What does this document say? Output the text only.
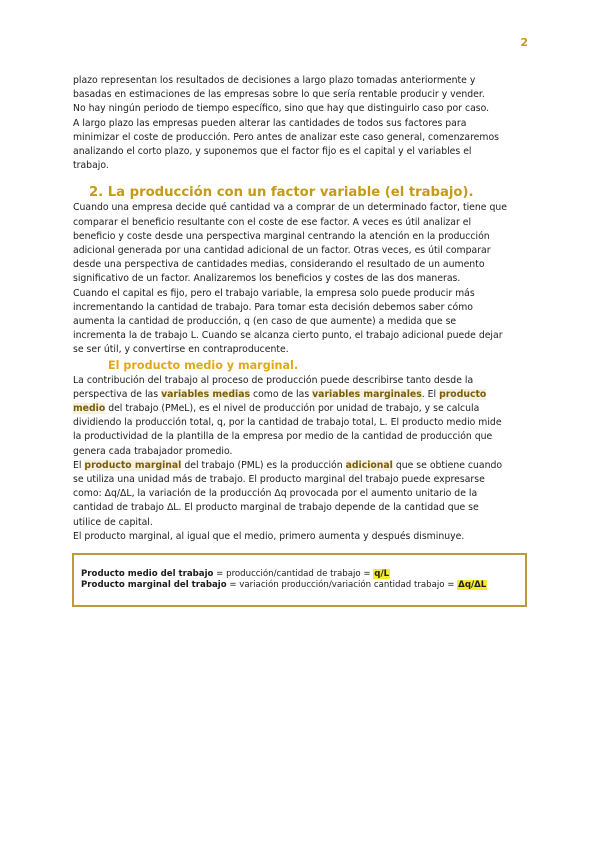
2

plazo representan los resultados de decisiones a largo plazo tomadas anteriormente y
basadas en estimaciones de las empresas sobre lo que sería rentable producir y vender.
No hay ningún periodo de tiempo específico, sino que hay que distinguirlo caso por caso.
A largo plazo las empresas pueden alterar las cantidades de todos sus factores para
minimizar el coste de producción. Pero antes de analizar este caso general, comenzaremos
analizando el corto plazo, y suponemos que el factor fijo es el capital y el variables el
trabajo.

2. La producción con un factor variable (el trabajo).

Cuando una empresa decide qué cantidad va a comprar de un determinado factor, tiene que
comparar el beneficio resultante con el coste de ese factor. A veces es útil analizar el
beneficio y coste desde una perspectiva marginal centrando la atención en la producción
adicional generada por una cantidad adicional de un factor. Otras veces, es útil comparar
desde una perspectiva de cantidades medias, considerando el resultado de un aumento
significativo de un factor. Analizaremos los beneficios y costes de las dos maneras.

Cuando el capital es fijo, pero el trabajo variable, la empresa solo puede producir más
incrementando la cantidad de trabajo. Para tomar esta decisión debemos saber cómo
aumenta la cantidad de producción, q (en caso de que aumente) a medida que se
incrementa la de trabajo L. Cuando se alcanza cierto punto, el trabajo adicional puede dejar
se ser útil, y convertirse en contraproducente.

El producto medio y marginal.

La contribución del trabajo al proceso de producción puede describirse tanto desde la
perspectiva de las variables medias como de las variables marginales. El producto
medio del trabajo (PMeL), es el nivel de producción por unidad de trabajo, y se calcula
dividiendo la producción total, q, por la cantidad de trabajo total, L. El producto medio mide
la productividad de la plantilla de la empresa por medio de la cantidad de producción que
genera cada trabajador promedio.

El producto marginal del trabajo (PML) es la producción adicional que se obtiene cuando
se utiliza una unidad más de trabajo. El producto marginal del trabajo puede expresarse
como: Δq/ΔL, la variación de la producción Δq provocada por el aumento unitario de la
cantidad de trabajo ΔL. El producto marginal de trabajo depende de la cantidad que se
utilice de capital.

El producto marginal, al igual que el medio, primero aumenta y después disminuye.

Producto medio del trabajo = producción/cantidad de trabajo = q/L
Producto marginal del trabajo = variación producción/variación cantidad trabajo = Δq/ΔL
